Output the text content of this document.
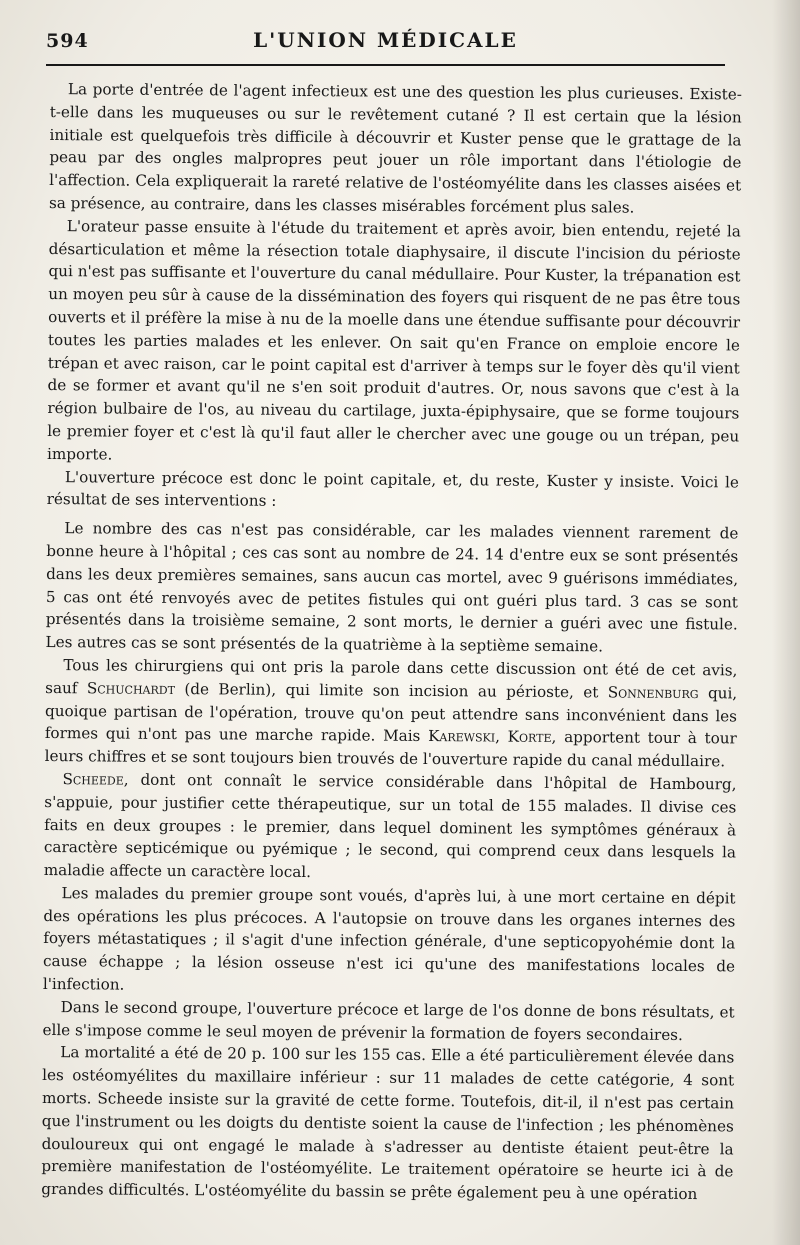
594	L'UNION MÉDICALE

La porte d'entrée de l'agent infectieux est une des question les plus curieuses. Existe-t-elle dans les muqueuses ou sur le revêtement cutané ? Il est certain que la lésion initiale est quelquefois très difficile à découvrir et Kuster pense que le grattage de la peau par des ongles malpropres peut jouer un rôle important dans l'étiologie de l'affection. Cela expliquerait la rareté relative de l'ostéomyélite dans les classes aisées et sa présence, au contraire, dans les classes misérables forcément plus sales.

L'orateur passe ensuite à l'étude du traitement et après avoir, bien entendu, rejeté la désarticulation et même la résection totale diaphysaire, il discute l'incision du périoste qui n'est pas suffisante et l'ouverture du canal médullaire. Pour Kuster, la trépanation est un moyen peu sûr à cause de la dissémination des foyers qui risquent de ne pas être tous ouverts et il préfère la mise à nu de la moelle dans une étendue suffisante pour découvrir toutes les parties malades et les enlever. On sait qu'en France on emploie encore le trépan et avec raison, car le point capital est d'arriver à temps sur le foyer dès qu'il vient de se former et avant qu'il ne s'en soit produit d'autres. Or, nous savons que c'est à la région bulbaire de l'os, au niveau du cartilage, juxta-épiphysaire, que se forme toujours le premier foyer et c'est là qu'il faut aller le chercher avec une gouge ou un trépan, peu importe.

L'ouverture précoce est donc le point capitale, et, du reste, Kuster y insiste. Voici le résultat de ses interventions :

Le nombre des cas n'est pas considérable, car les malades viennent rarement de bonne heure à l'hôpital ; ces cas sont au nombre de 24. 14 d'entre eux se sont présentés dans les deux premières semaines, sans aucun cas mortel, avec 9 guérisons immédiates, 5 cas ont été renvoyés avec de petites fistules qui ont guéri plus tard. 3 cas se sont présentés dans la troisième semaine, 2 sont morts, le dernier a guéri avec une fistule. Les autres cas se sont présentés de la quatrième à la septième semaine.

Tous les chirurgiens qui ont pris la parole dans cette discussion ont été de cet avis, sauf Schuchardt (de Berlin), qui limite son incision au périoste, et Sonnenburg qui, quoique partisan de l'opération, trouve qu'on peut attendre sans inconvénient dans les formes qui n'ont pas une marche rapide. Mais Karewski, Korte, apportent tour à tour leurs chiffres et se sont toujours bien trouvés de l'ouverture rapide du canal médullaire.

Scheede, dont ont connaît le service considérable dans l'hôpital de Hambourg, s'appuie, pour justifier cette thérapeutique, sur un total de 155 malades. Il divise ces faits en deux groupes : le premier, dans lequel dominent les symptômes généraux à caractère septicémique ou pyémique ; le second, qui comprend ceux dans lesquels la maladie affecte un caractère local.

Les malades du premier groupe sont voués, d'après lui, à une mort certaine en dépit des opérations les plus précoces. A l'autopsie on trouve dans les organes internes des foyers métastatiques ; il s'agit d'une infection générale, d'une septicopyohémie dont la cause échappe ; la lésion osseuse n'est ici qu'une des manifestations locales de l'infection.

Dans le second groupe, l'ouverture précoce et large de l'os donne de bons résultats, et elle s'impose comme le seul moyen de prévenir la formation de foyers secondaires.

La mortalité a été de 20 p. 100 sur les 155 cas. Elle a été particulièrement élevée dans les ostéomyélites du maxillaire inférieur : sur 11 malades de cette catégorie, 4 sont morts. Scheede insiste sur la gravité de cette forme. Toutefois, dit-il, il n'est pas certain que l'instrument ou les doigts du dentiste soient la cause de l'infection ; les phénomènes douloureux qui ont engagé le malade à s'adresser au dentiste étaient peut-être la première manifestation de l'ostéomyélite. Le traitement opératoire se heurte ici à de grandes difficultés. L'ostéomyélite du bassin se prête également peu à une opération
